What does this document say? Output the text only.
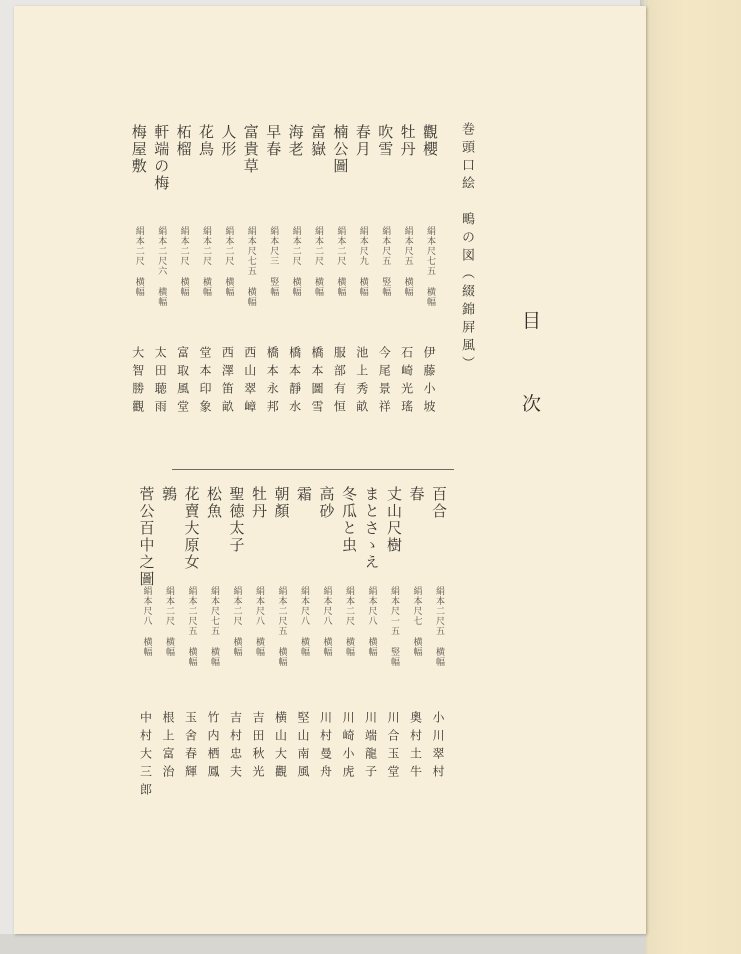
目
次
巻頭口絵　鴫の図（綴錦屛風）
觀櫻
絹本尺七五 横幅
伊藤小坡
牡丹
絹本尺五 横幅
石崎光瑤
吹雪
絹本尺五 竪幅
今尾景祥
春月
絹本尺九 横幅
池上秀畝
楠公圖
絹本二尺 横幅
服部有恒
富嶽
絹本二尺 横幅
橋本圖雪
海老
絹本二尺 横幅
橋本靜水
早春
絹本尺三 竪幅
橋本永邦
富貴草
絹本尺七五 横幅
西山翠嶂
人形
絹本二尺 横幅
西澤笛畝
花鳥
絹本二尺 横幅
堂本印象
柘榴
絹本二尺 横幅
富取風堂
軒端の梅
絹本二尺六 横幅
太田聴雨
梅屋敷
絹本二尺 横幅
大智勝觀
百合
絹本二尺五 横幅
小川翠村
春
絹本尺七 横幅
奧村土牛
丈山尺樹
絹本尺一五 竪幅
川合玉堂
まとさゝえ
絹本尺八 横幅
川端龍子
冬瓜と虫
絹本二尺 横幅
川崎小虎
高砂
絹本尺八 横幅
川村曼舟
霜
絹本尺八 横幅
堅山南風
朝顏
絹本二尺五 横幅
横山大觀
牡丹
絹本尺八 横幅
吉田秋光
聖徳太子
絹本二尺 横幅
吉村忠夫
松魚
絹本尺七五 横幅
竹内栖鳳
花賣大原女
絹本二尺五 横幅
玉舍春輝
鶉
絹本二尺 横幅
根上富治
菅公百中之圖
絹本尺八 横幅
中村大三郎
